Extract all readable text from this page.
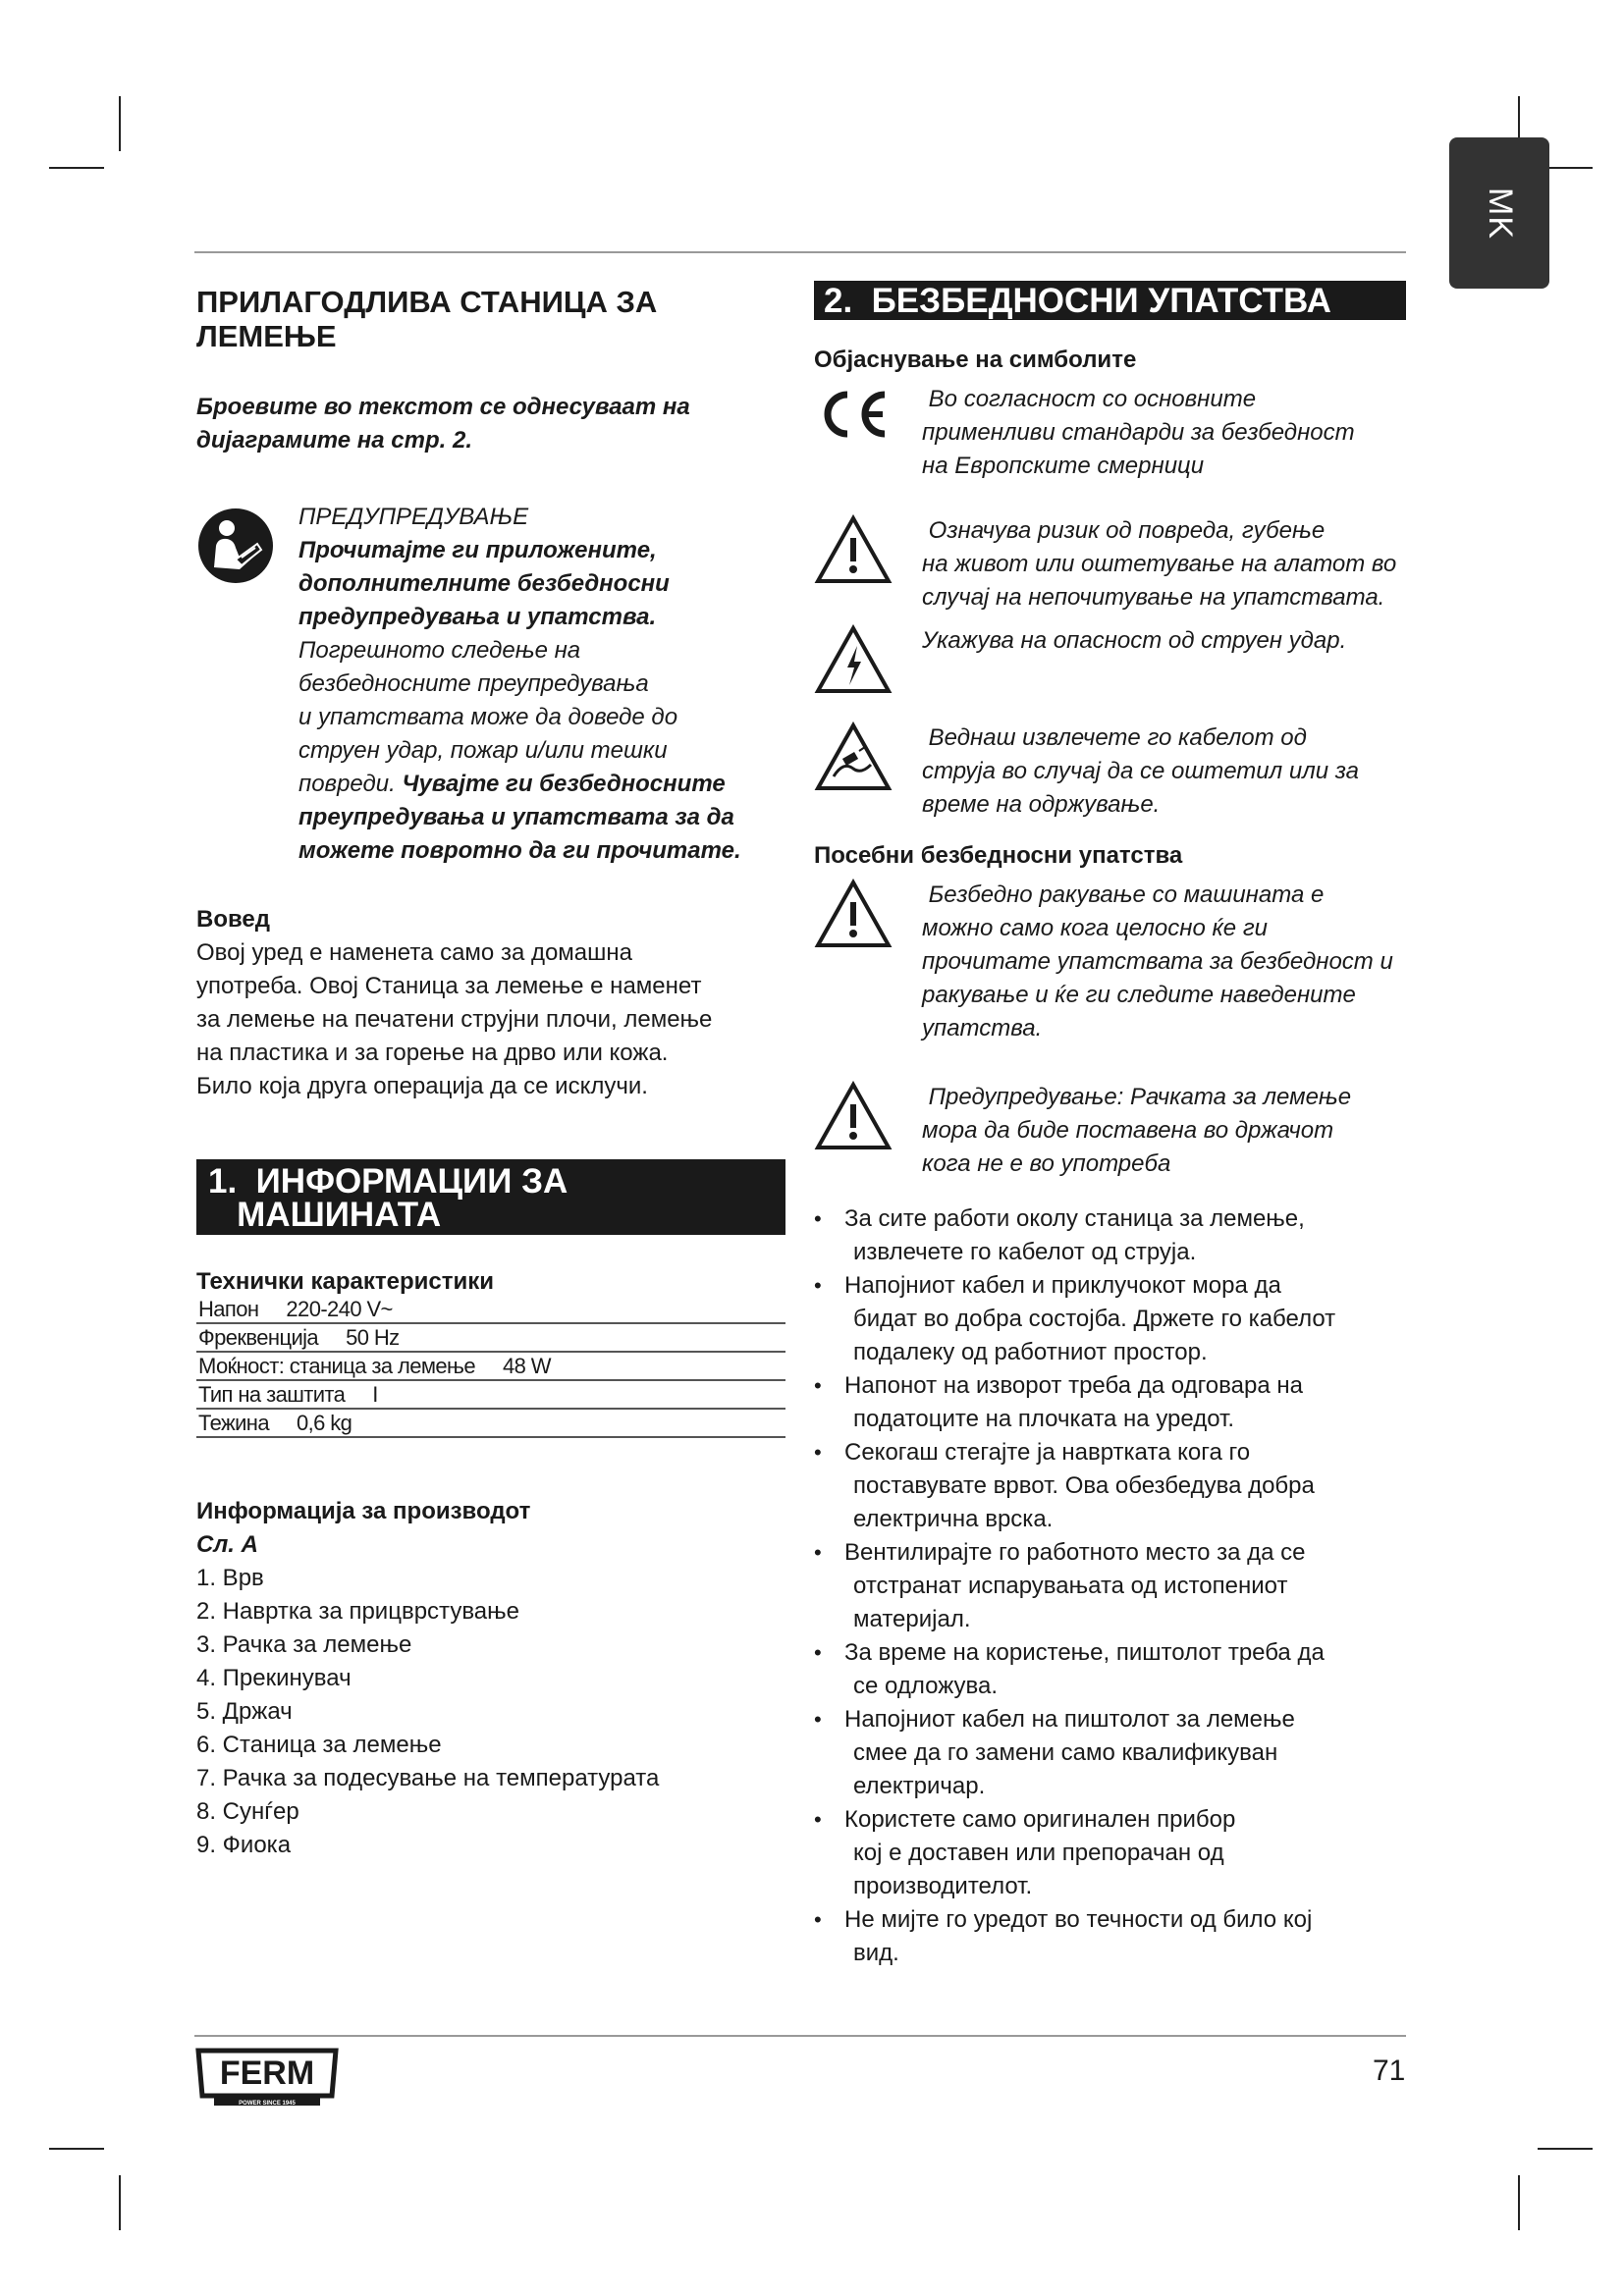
MK
ПРИЛАГОДЛИВА СТАНИЦА ЗА
ЛЕМЕЊЕ
Броевите во текстот се однесуваат на
дијаграмите на стр. 2.
ПРЕДУПРЕДУВАЊЕ
Прочитајте ги приложените,
дополнителните безбедносни
предупредувања и упатства.
Погрешното следење на
безбедносните преупредувања
и упатствата може да доведе до
струен удар, пожар и/или тешки
повреди. Чувајте ги безбедносните
преупредувања и упатствата за да
можете повротно да ги прочитате.
Вовед
Овој уред е наменета само за домашна
употреба. Овој Станица за лемење е наменет
за лемење на печатени струјни плочи, лемење
на пластика и за горење на дрво или кожа.
Било која друга операција да се исклучи.
1.  ИНФОРМАЦИИ ЗА
МАШИНАТА
Технички карактеристики
Напон 220-240 V~
Фреквенција 50 Hz
Моќност: станица за лемење 48 W
Тип на заштита I
Тежина 0,6 kg
Информација за производот
Сл. A
1. Врв
2. Наврткa за прицврстување
3. Рачка за лемење
4. Прекинувач
5. Држач
6. Станица за лемење
7. Рачка за подесување на температурата
8. Сунѓер
9. Фиока
2.  БЕЗБЕДНОСНИ УПАТСТВА
Објаснување на симболите
Во согласност со основните
применливи стандарди за безбедност
на Европските смерници
Означува ризик од повреда, губење
на живот или оштетување на алатот во
случај на непочитување на упатствата.
Укажува на опасност од струен удар.
Веднаш извлечете го кабелот од
струја во случај да се оштетил или за
време на одржување.
Посебни безбедносни упатства
Безбедно ракување со машината е
можно само кога целосно ќе ги
прочитате упатствата за безбедност и
ракување и ќе ги следите наведените
упатства.
Предупредување: Рачката за лемење
мора да биде поставена во држачот
кога не е во употреба
• За сите работи околу станица за лемење,
извлечете го кабелот од струја.
• Напојниот кабел и приклучокот мора да
бидат во добра состојба. Држете го кабелот
подалеку од работниот простор.
• Напонот на изворот треба да одговара на
податоците на плочката на уредот.
• Секогаш стегајте ја навртката кога го
поставувате врвот. Ова обезбедува добра
електрична врска.
• Вентилирајте го работното место за да се
отстранат испарувањата од истопениот
материјал.
• За време на користење, пиштолот треба да
се одложува.
• Напојниот кабел на пиштолот за лемење
смее да го замени само квалификуван
електричар.
• Користете само оригинален прибор
кој е доставен или препорачан од
производителот.
• Не мијте го уредот во течности од било кој
вид.
FERM
POWER SINCE 1945
71
